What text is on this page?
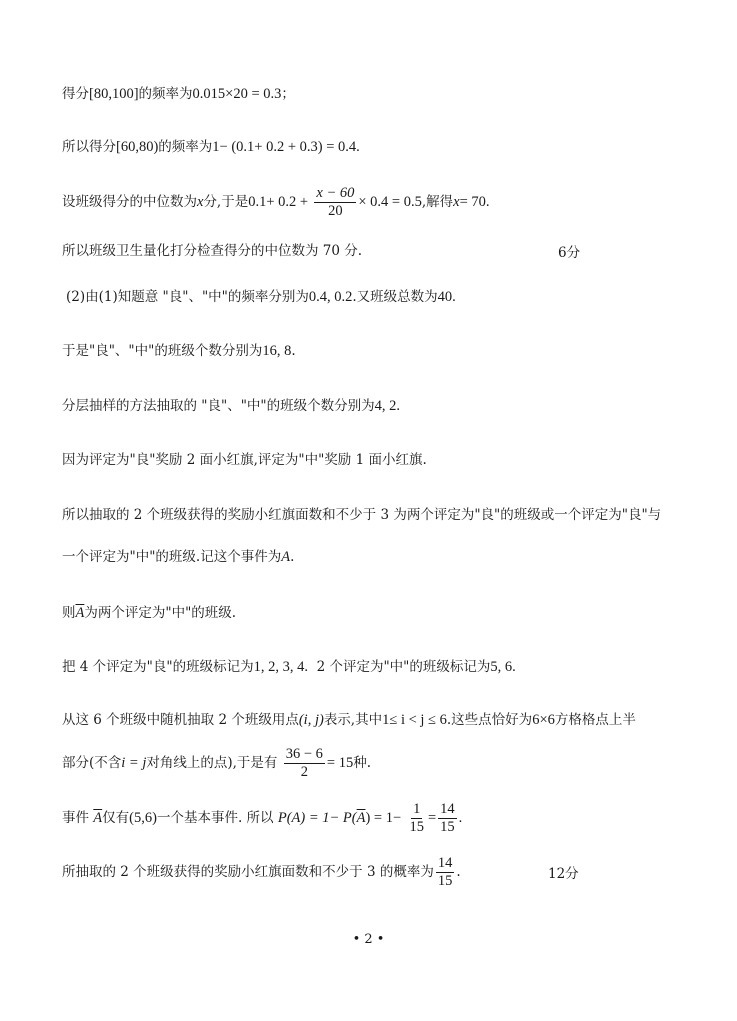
得分[80,100]的频率为0.015×20 = 0.3；
所以得分[60,80)的频率为1− (0.1+ 0.2 + 0.3) = 0.4.
设班级得分的中位数为x分,于是$0.1+ 0.2 + \frac{x - 60}{20} \times 0.4 = 0.5$,解得x= 70.
所以班级卫生量化打分检查得分的中位数为 70 分.	6分
(2)由(1)知题意 "良"、"中"的频率分别为0.4, 0.2.又班级总数为40.
于是"良"、"中"的班级个数分别为16, 8.
分层抽样的方法抽取的 "良"、"中"的班级个数分别为4, 2.
因为评定为"良"奖励 2 面小红旗,评定为"中"奖励 1 面小红旗.
所以抽取的 2 个班级获得的奖励小红旗面数和不少于 3 为两个评定为"良"的班级或一个评定为"良"与
一个评定为"中"的班级.记这个事件为A.
则$\overline{A}$为两个评定为"中"的班级.
把 4 个评定为"良"的班级标记为1, 2, 3, 4. 2 个评定为"中"的班级标记为5, 6.
从这 6 个班级中随机抽取 2 个班级用点(i, j)表示,其中1≤ i < j ≤ 6.这些点恰好为6×6方格格点上半
部分(不含i = j对角线上的点),于是有 $\frac{36 - 6}{2} = 15$种.
事件 $\overline{A}$仅有(5,6)一个基本事件. 所以 $P(A) = 1- P(\overline{A}) = 1- \frac{1}{15} = \frac{14}{15}$ .
所抽取的 2 个班级获得的奖励小红旗面数和不少于 3 的概率为 $\frac{14}{15}$ .	12分
• 2 •
